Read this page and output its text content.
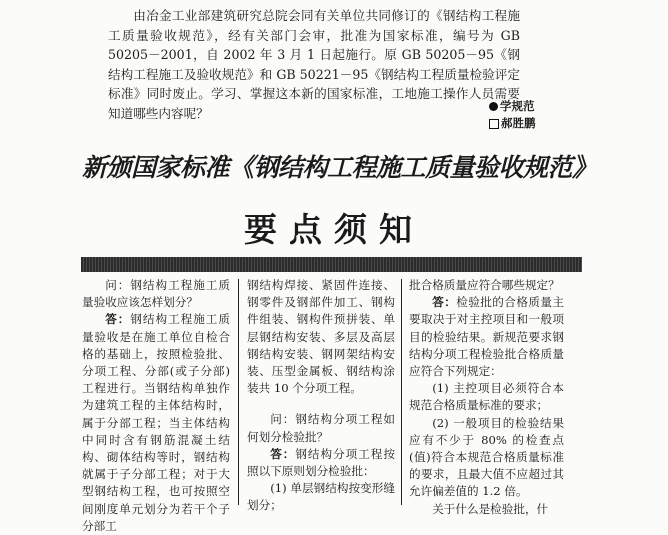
由冶金工业部建筑研究总院会同有关单位共同修订的《钢结构工程施工质量验收规范》，经有关部门会审，批准为国家标准，编号为 GB 50205－2001，自 2002 年 3 月 1 日起施行。原 GB 50205－95《钢结构工程施工及验收规范》和 GB 50221－95《钢结构工程质量检验评定标准》同时废止。学习、掌握这本新的国家标准，工地施工操作人员需要知道哪些内容呢？	学规范
郝胜鹏
新颁国家标准《钢结构工程施工质量验收规范》
要点须知

问：钢结构工程施工质量验收应该怎样划分？

答：钢结构工程施工质量验收是在施工单位自检合格的基础上，按照检验批、分项工程、分部(或子分部)工程进行。当钢结构单独作为建筑工程的主体结构时，属于分部工程；当主体结构中同时含有钢筋混凝土结构、砌体结构等时，钢结构就属于子分部工程；对于大型钢结构工程，也可按照空间刚度单元划分为若干个子分部工

钢结构焊接、紧固件连接、钢零件及钢部件加工、钢构件组装、钢构件预拼装、单层钢结构安装、多层及高层钢结构安装、钢网架结构安装、压型金属板、钢结构涂装共 10 个分项工程。

问：钢结构分项工程如何划分检验批？

答：钢结构分项工程按照以下原则划分检验批：

(1) 单层钢结构按变形缝划分；

批合格质量应符合哪些规定？

答：检验批的合格质量主要取决于对主控项目和一般项目的检验结果。新规范要求钢结构分项工程检验批合格质量应符合下列规定：

(1) 主控项目必须符合本规范合格质量标准的要求；

(2) 一般项目的检验结果应有不少于 80% 的检查点(值)符合本规范合格质量标准的要求，且最大值不应超过其允许偏差值的 1.2 倍。

关于什么是检验批，什
